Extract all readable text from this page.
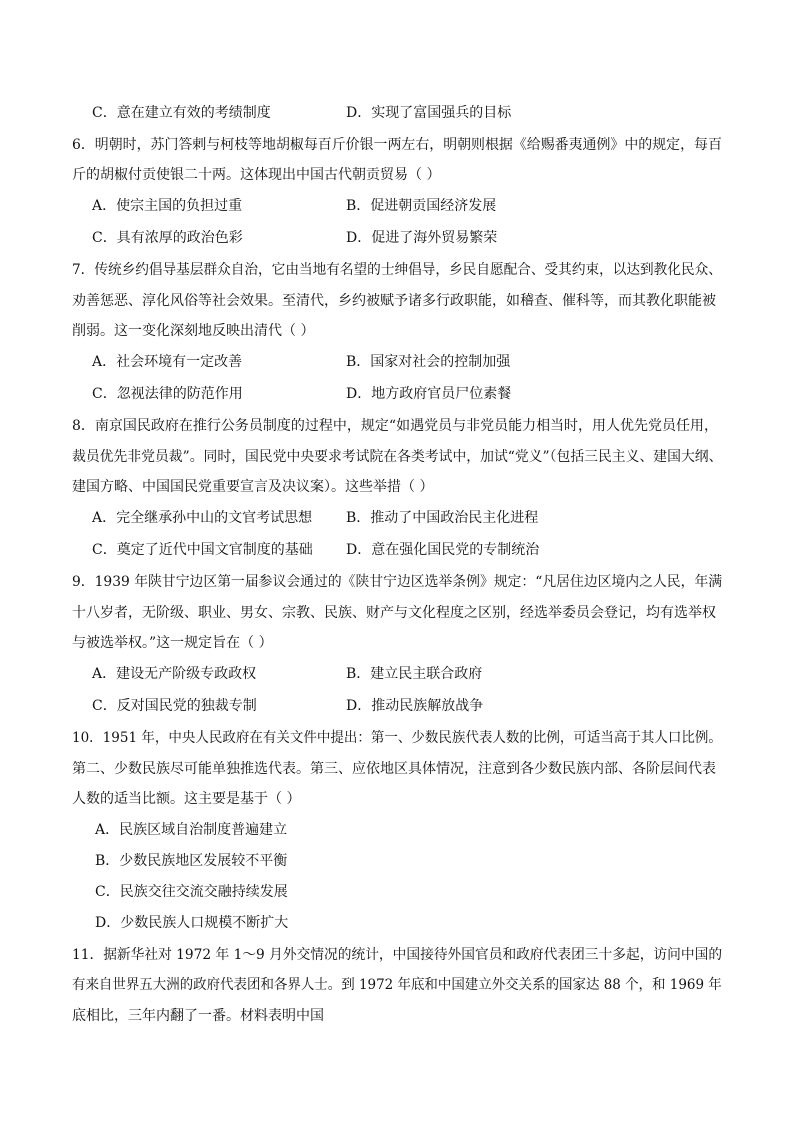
C．意在建立有效的考绩制度	D．实现了富国强兵的目标
6．明朝时，苏门答剌与柯枝等地胡椒每百斤价银一两左右，明朝则根据《给赐番夷通例》中的规定，每百
斤的胡椒付贡使银二十两。这体现出中国古代朝贡贸易（ ）
A．使宗主国的负担过重	B．促进朝贡国经济发展
C．具有浓厚的政治色彩	D．促进了海外贸易繁荣
7．传统乡约倡导基层群众自治，它由当地有名望的士绅倡导，乡民自愿配合、受其约束，以达到教化民众、
劝善惩恶、淳化风俗等社会效果。至清代，乡约被赋予诸多行政职能，如稽查、催科等，而其教化职能被
削弱。这一变化深刻地反映出清代（ ）
A．社会环境有一定改善	B．国家对社会的控制加强
C．忽视法律的防范作用	D．地方政府官员尸位素餐
8．南京国民政府在推行公务员制度的过程中，规定“如遇党员与非党员能力相当时，用人优先党员任用，
裁员优先非党员裁”。同时，国民党中央要求考试院在各类考试中，加试“党义”（包括三民主义、建国大纲、
建国方略、中国国民党重要宣言及决议案）。这些举措（ ）
A．完全继承孙中山的文官考试思想 B．推动了中国政治民主化进程
C．奠定了近代中国文官制度的基础 D．意在强化国民党的专制统治
9．1939 年陕甘宁边区第一届参议会通过的《陕甘宁边区选举条例》规定：“凡居住边区境内之人民，年满
十八岁者，无阶级、职业、男女、宗教、民族、财产与文化程度之区别，经选举委员会登记，均有选举权
与被选举权。”这一规定旨在（ ）
A．建设无产阶级专政政权	B．建立民主联合政府
C．反对国民党的独裁专制	D．推动民族解放战争
10．1951 年，中央人民政府在有关文件中提出：第一、少数民族代表人数的比例，可适当高于其人口比例。
第二、少数民族尽可能单独推选代表。第三、应依地区具体情况，注意到各少数民族内部、各阶层间代表
人数的适当比额。这主要是基于（ ）
A．民族区域自治制度普遍建立
B．少数民族地区发展较不平衡
C．民族交往交流交融持续发展
D．少数民族人口规模不断扩大
11．据新华社对 1972 年 1～9 月外交情况的统计，中国接待外国官员和政府代表团三十多起，访问中国的
有来自世界五大洲的政府代表团和各界人士。到 1972 年底和中国建立外交关系的国家达 88 个，和 1969 年
底相比，三年内翻了一番。材料表明中国
